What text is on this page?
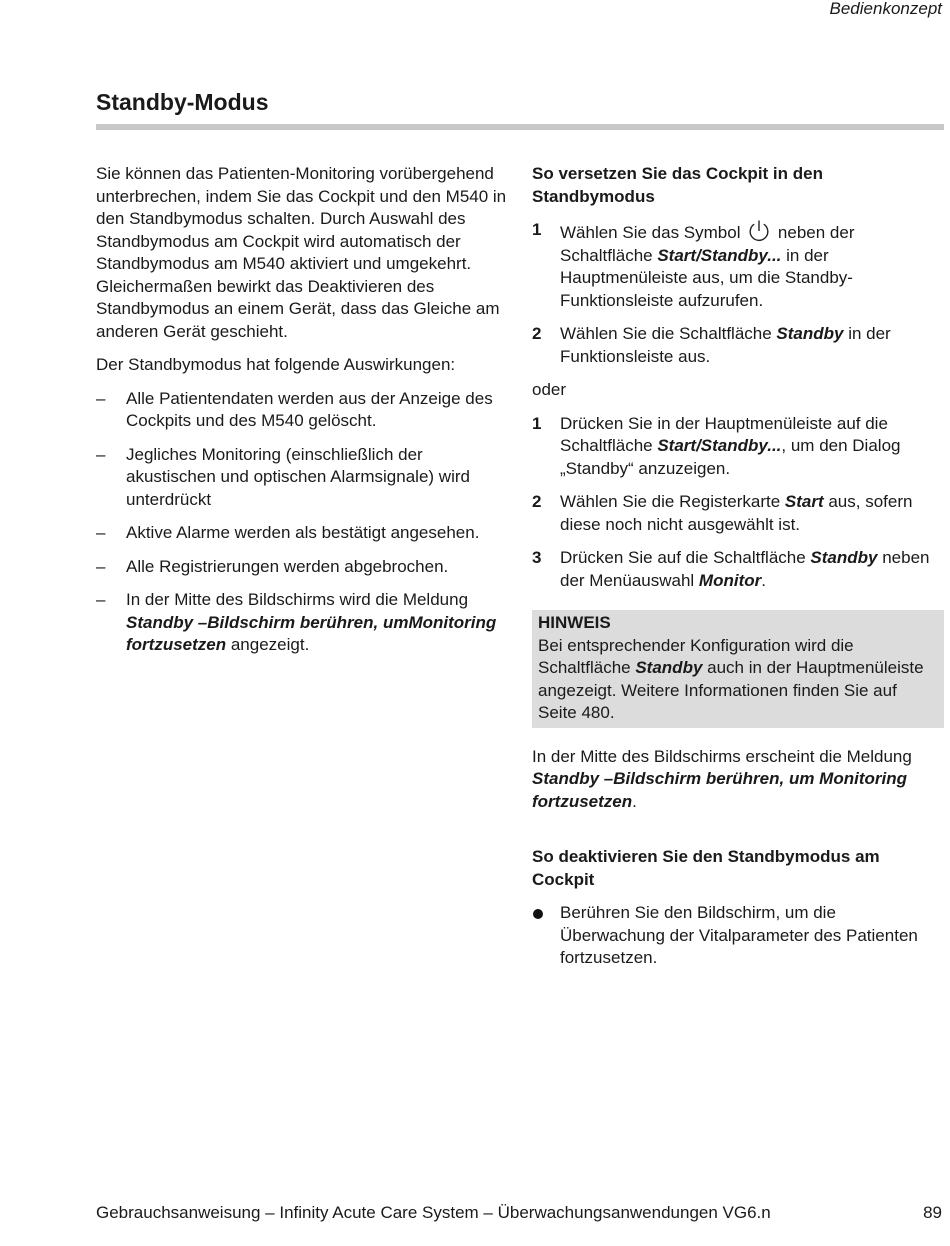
Bedienkonzept
Standby-Modus

Sie können das Patienten-Monitoring vorübergehend unterbrechen, indem Sie das Cockpit und den M540 in den Standbymodus schalten. Durch Auswahl des Standbymodus am Cockpit wird automatisch der Standbymodus am M540 aktiviert und umgekehrt. Gleichermaßen bewirkt das Deaktivieren des Standbymodus an einem Gerät, dass das Gleiche am anderen Gerät geschieht.

Der Standbymodus hat folgende Auswirkungen:

– Alle Patientendaten werden aus der Anzeige des Cockpits und des M540 gelöscht.
– Jegliches Monitoring (einschließlich der akustischen und optischen Alarmsignale) wird unterdrückt
– Aktive Alarme werden als bestätigt angesehen.
– Alle Registrierungen werden abgebrochen.
– In der Mitte des Bildschirms wird die Meldung Standby –Bildschirm berühren, umMonitoring fortzusetzen angezeigt.

So versetzen Sie das Cockpit in den Standbymodus

1 Wählen Sie das Symbol  neben der Schaltfläche Start/Standby... in der Hauptmenüleiste aus, um die Standby-Funktionsleiste aufzurufen.
2 Wählen Sie die Schaltfläche Standby in der Funktionsleiste aus.

oder

1 Drücken Sie in der Hauptmenüleiste auf die Schaltfläche Start/Standby..., um den Dialog „Standby“ anzuzeigen.
2 Wählen Sie die Registerkarte Start aus, sofern diese noch nicht ausgewählt ist.
3 Drücken Sie auf die Schaltfläche Standby neben der Menüauswahl Monitor.
HINWEIS
Bei entsprechender Konfiguration wird die Schaltfläche Standby auch in der Hauptmenüleiste angezeigt. Weitere Informationen finden Sie auf Seite 480.

In der Mitte des Bildschirms erscheint die Meldung Standby –Bildschirm berühren, um Monitoring fortzusetzen.

So deaktivieren Sie den Standbymodus am Cockpit

Berühren Sie den Bildschirm, um die Überwachung der Vitalparameter des Patienten fortzusetzen.
Gebrauchsanweisung – Infinity Acute Care System – Überwachungsanwendungen VG6.n	89
